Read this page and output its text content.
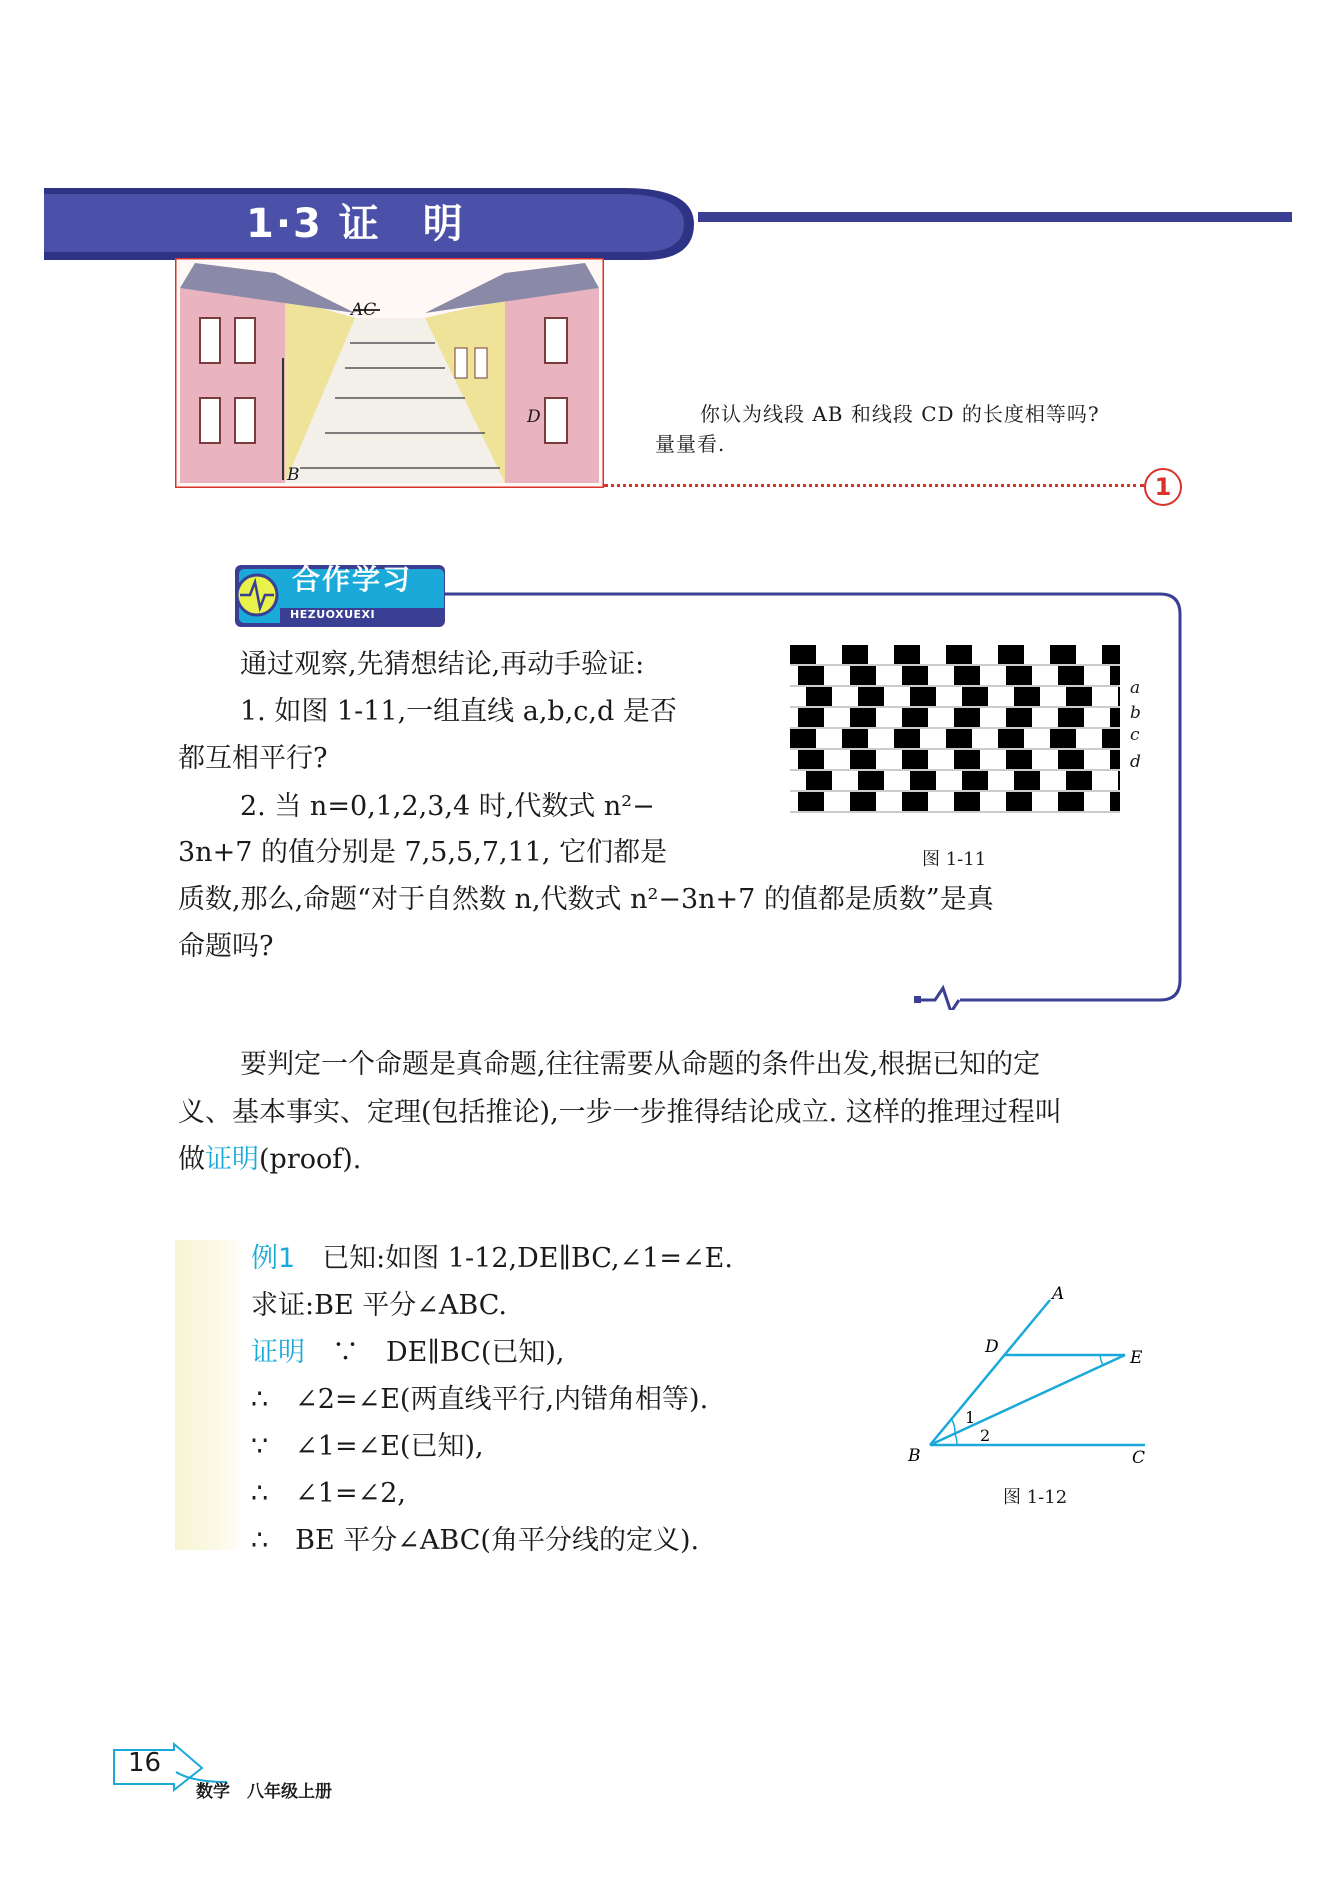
1·3 证　明
AC
D
B
你认为线段 AB 和线段 CD 的长度相等吗?
量量看.
1
合作学习
HEZUOXUEXI
通过观察,先猜想结论,再动手验证:
1. 如图 1-11,一组直线 a,b,c,d 是否
都互相平行?
2. 当 n=0,1,2,3,4 时,代数式 n²−
3n+7 的值分别是 7,5,5,7,11, 它们都是
质数,那么,命题“对于自然数 n,代数式 n²−3n+7 的值都是质数”是真
命题吗?
a
b
c
d
图 1-11
要判定一个命题是真命题,往往需要从命题的条件出发,根据已知的定
义、基本事实、定理(包括推论),一步一步推得结论成立. 这样的推理过程叫
做证明(proof).
例1　 已知:如图 1-12,DE∥BC,∠1=∠E.
求证:BE 平分∠ABC.
证明　 ∵　DE∥BC(已知),
∴　∠2=∠E(两直线平行,内错角相等).
∵　∠1=∠E(已知),
∴　∠1=∠2,
∴　BE 平分∠ABC(角平分线的定义).
A
D
E
B	C
1
2
图 1-12
16
数学　八年级上册
